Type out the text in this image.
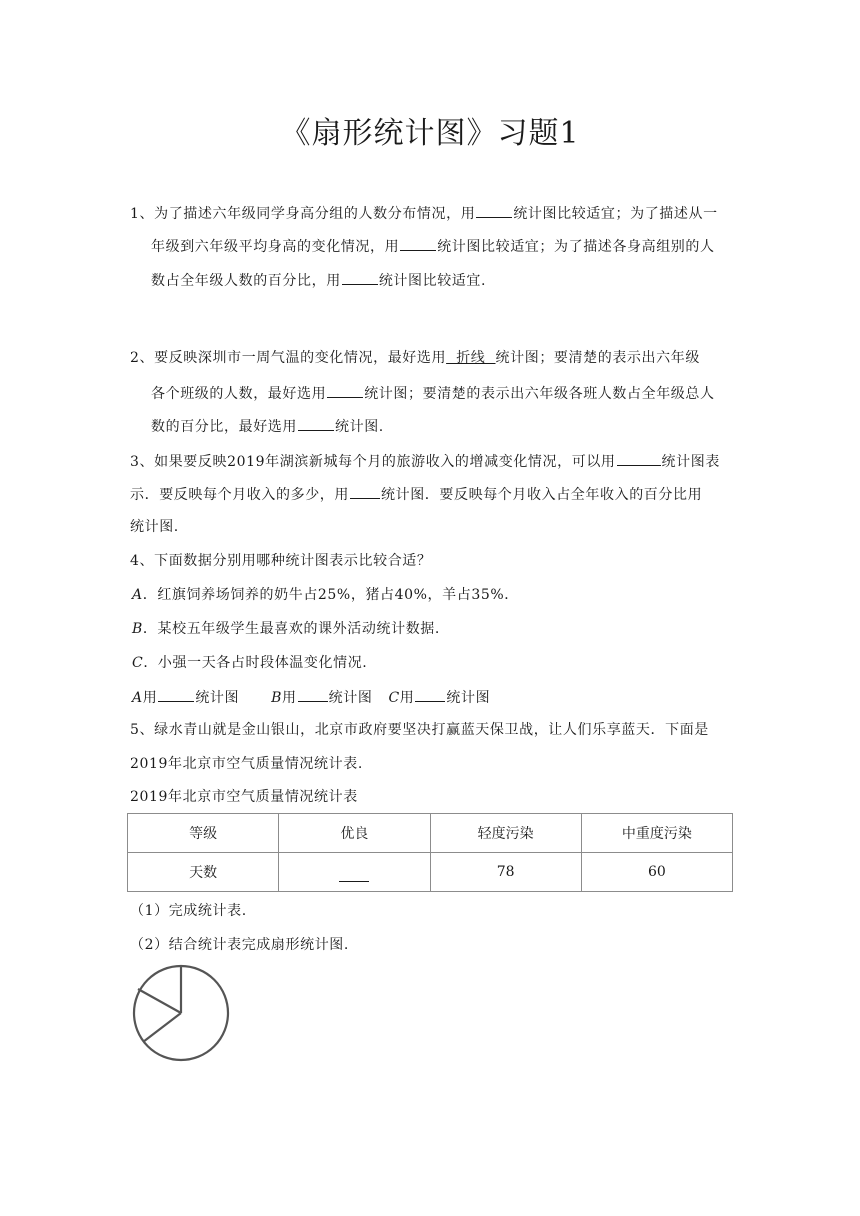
《扇形统计图》习题1
1、为了描述六年级同学身高分组的人数分布情况，用	统计图比较适宜；为了描述从一
年级到六年级平均身高的变化情况，用	统计图比较适宜；为了描述各身高组别的人
数占全年级人数的百分比，用	统计图比较适宜.
2、要反映深圳市一周气温的变化情况，最好选用  折线  统计图；要清楚的表示出六年级
各个班级的人数，最好选用	统计图；要清楚的表示出六年级各班人数占全年级总人
数的百分比，最好选用	统计图.
3、如果要反映2019年湖滨新城每个月的旅游收入的增减变化情况，可以用	统计图表
示．要反映每个月收入的多少，用 统计图．要反映每个月收入占全年收入的百分比用
统计图.
4、下面数据分别用哪种统计图表示比较合适？
A．红旗饲养场饲养的奶牛占25%，猪占40%，羊占35%．
B．某校五年级学生最喜欢的课外活动统计数据.
C．小强一天各占时段体温变化情况.
A用	统计图 B用 统计图 C用 统计图
5、绿水青山就是金山银山，北京市政府要坚决打赢蓝天保卫战，让人们乐享蓝天．下面是
2019年北京市空气质量情况统计表.
2019年北京市空气质量情况统计表
等级	优良	轻度污染	中重度污染
天数		78	60
（1）完成统计表.
（2）结合统计表完成扇形统计图.
